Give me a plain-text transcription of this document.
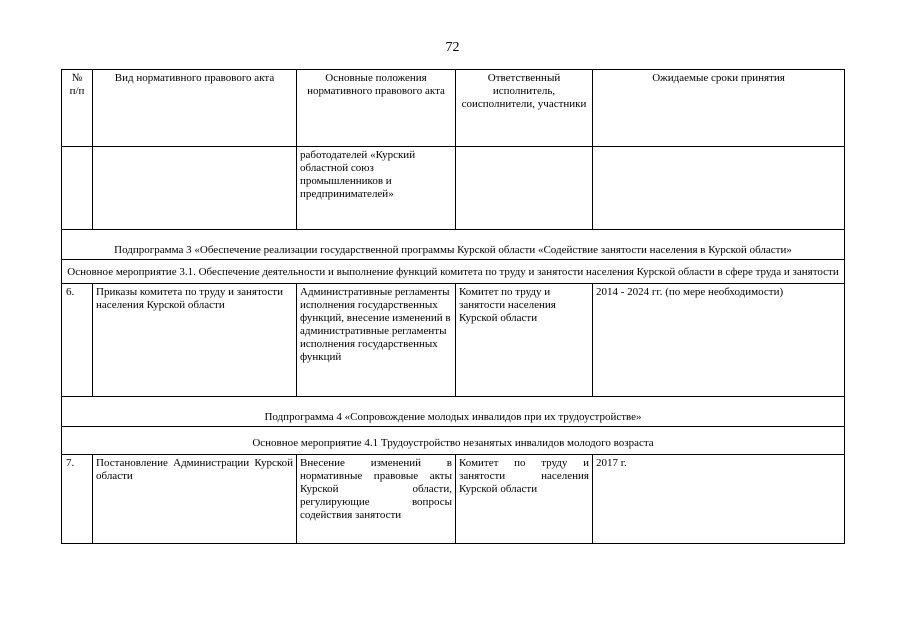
72
№
п/п	Вид нормативного правового акта	Основные положения нормативного правового акта	Ответственный исполнитель, соисполнители, участники	Ожидаемые сроки принятия
		работодателей «Курский областной союз промышленников и предпринимателей»		
Подпрограмма 3 «Обеспечение реализации государственной программы Курской области «Содействие занятости населения в Курской области»				
Основное мероприятие 3.1. Обеспечение деятельности и выполнение функций комитета по труду и занятости населения Курской области в сфере труда и занятости				
6.	Приказы комитета по труду и занятости населения Курской области	Административные регламенты исполнения государственных функций, внесение изменений в административные регламенты исполнения государственных функций	Комитет по труду и занятости населения Курской области	2014 - 2024 гг. (по мере необходимости)
Подпрограмма 4 «Сопровождение молодых инвалидов при их трудоустройстве»				
Основное мероприятие 4.1 Трудоустройство незанятых инвалидов молодого возраста				
7.	Постановление Администрации Курской области	Внесение изменений в нормативные правовые акты Курской области, регулирующие вопросы содействия занятости	Комитет по труду и занятости населения Курской области	2017 г.
